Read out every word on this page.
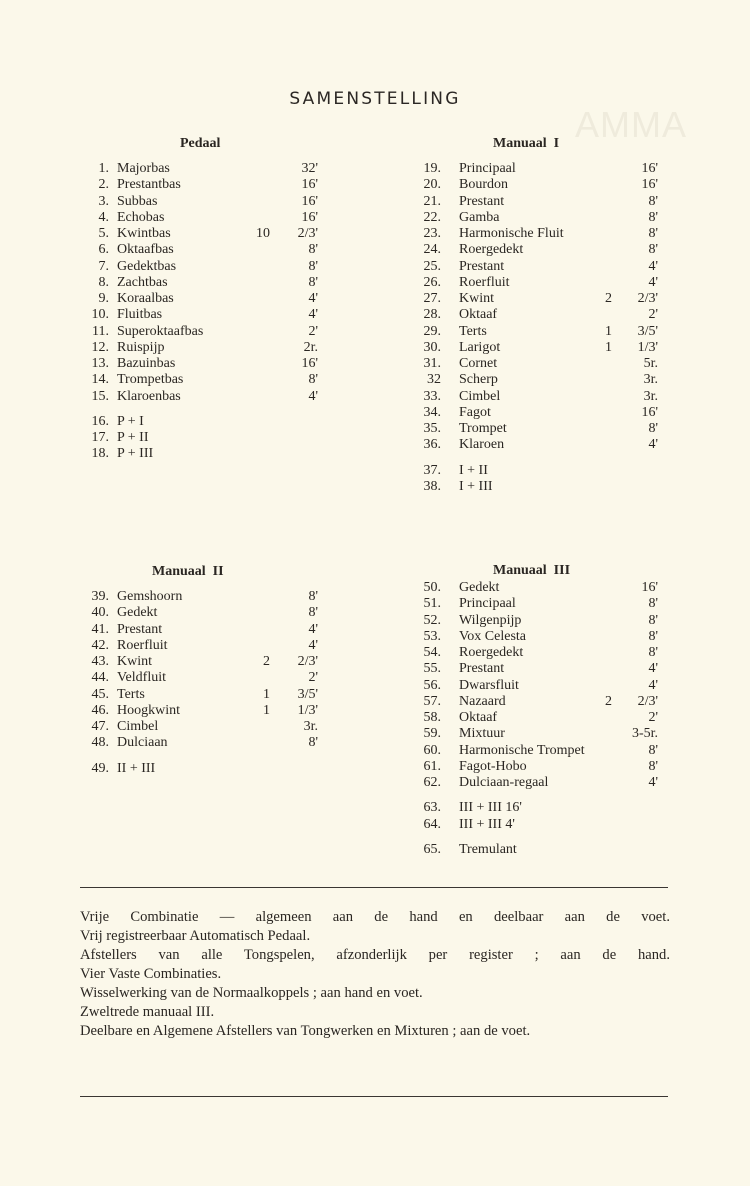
AMMA
SAMENSTELLING
Pedaal
1. Majorbas	32'
2. Prestantbas	16'
3. Subbas	16'
4. Echobas	16'
5. Kwintbas	10	2/3'
6. Oktaafbas	8'
7. Gedektbas	8'
8. Zachtbas	8'
9. Koraalbas	4'
10. Fluitbas	4'
11. Superoktaafbas	2'
12. Ruispijp	2r.
13. Bazuinbas	16'
14. Trompetbas	8'
15. Klaroenbas	4'
16. P + I
17. P + II
18. P + III
Manuaal  I
19. Principaal	16'
20. Bourdon	16'
21. Prestant	8'
22. Gamba	8'
23. Harmonische Fluit	8'
24. Roergedekt	8'
25. Prestant	4'
26. Roerfluit	4'
27. Kwint	2	2/3'
28. Oktaaf	2'
29. Terts	1	3/5'
30. Larigot	1	1/3'
31. Cornet	5r.
32 Scherp	3r.
33. Cimbel	3r.
34. Fagot	16'
35. Trompet	8'
36. Klaroen	4'
37. I + II
38. I + III
Manuaal  II
39. Gemshoorn	8'
40. Gedekt	8'
41. Prestant	4'
42. Roerfluit	4'
43. Kwint	2	2/3'
44. Veldfluit	2'
45. Terts	1	3/5'
46. Hoogkwint	1	1/3'
47. Cimbel	3r.
48. Dulciaan	8'
49. II + III
Manuaal  III
50. Gedekt	16'
51. Principaal	8'
52. Wilgenpijp	8'
53. Vox Celesta	8'
54. Roergedekt	8'
55. Prestant	4'
56. Dwarsfluit	4'
57. Nazaard	2	2/3'
58. Oktaaf	2'
59. Mixtuur	3-5r.
60. Harmonische Trompet	8'
61. Fagot-Hobo	8'
62. Dulciaan-regaal	4'
63. III + III 16'
64. III + III 4'
65. Tremulant

Vrije Combinatie — algemeen aan de hand en deelbaar aan de voet.

Vrij registreerbaar Automatisch Pedaal.

Afstellers van alle Tongspelen, afzonderlijk per register ; aan de hand.

Vier Vaste Combinaties.

Wisselwerking van de Normaalkoppels ; aan hand en voet.

Zweltrede manuaal III.

Deelbare en Algemene Afstellers van Tongwerken en Mixturen ; aan de voet.
